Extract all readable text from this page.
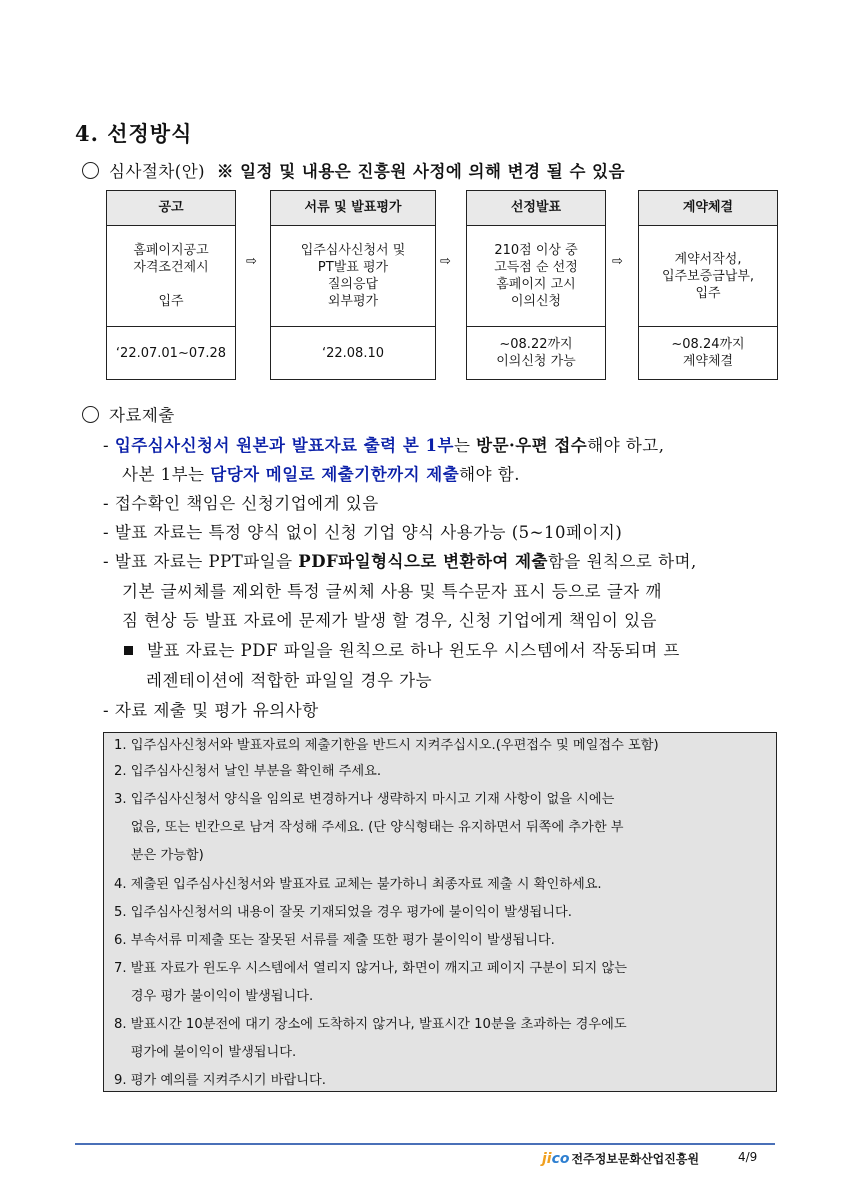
4. 선정방식
심사절차(안) ※ 일정 및 내용은 진흥원 사정에 의해 변경 될 수 있음
공고
홈페이지공고
자격조건제시
입주
‘22.07.01~07.28
⇨
서류 및 발표평가
입주심사신청서 및
PT발표 평가
질의응답
외부평가
‘22.08.10
⇨
선정발표
210점 이상 중
고득점 순 선정
홈페이지 고시
이의신청
~08.22까지
이의신청 가능
⇨
계약체결
계약서작성,
입주보증금납부,
입주
~08.24까지
계약체결
자료제출
- 입주심사신청서 원본과 발표자료 출력 본 1부는 방문·우편 접수해야 하고,
사본 1부는 담당자 메일로 제출기한까지 제출해야 함.
- 접수확인 책임은 신청기업에게 있음
- 발표 자료는 특정 양식 없이 신청 기업 양식 사용가능 (5~10페이지)
- 발표 자료는 PPT파일을 PDF파일형식으로 변환하여 제출함을 원칙으로 하며,
기본 글씨체를 제외한 특정 글씨체 사용 및 특수문자 표시 등으로 글자 깨
짐 현상 등 발표 자료에 문제가 발생 할 경우, 신청 기업에게 책임이 있음
발표 자료는 PDF 파일을 원칙으로 하나 윈도우 시스템에서 작동되며 프
레젠테이션에 적합한 파일일 경우 가능
- 자료 제출 및 평가 유의사항
1. 입주심사신청서와 발표자료의 제출기한을 반드시 지켜주십시오.(우편접수 및 메일접수 포함)
2. 입주심사신청서 날인 부분을 확인해 주세요.
3. 입주심사신청서 양식을 임의로 변경하거나 생략하지 마시고 기재 사항이 없을 시에는
없음, 또는 빈칸으로 남겨 작성해 주세요. (단 양식형태는 유지하면서 뒤쪽에 추가한 부
분은 가능함)
4. 제출된 입주심사신청서와 발표자료 교체는 불가하니 최종자료 제출 시 확인하세요.
5. 입주심사신청서의 내용이 잘못 기재되었을 경우 평가에 불이익이 발생됩니다.
6. 부속서류 미제출 또는 잘못된 서류를 제출 또한 평가 불이익이 발생됩니다.
7. 발표 자료가 윈도우 시스템에서 열리지 않거나, 화면이 깨지고 페이지 구분이 되지 않는
경우 평가 불이익이 발생됩니다.
8. 발표시간 10분전에 대기 장소에 도착하지 않거나, 발표시간 10분을 초과하는 경우에도
평가에 불이익이 발생됩니다.
9. 평가 예의를 지켜주시기 바랍니다.
jico 전주정보문화산업진흥원	4/9
